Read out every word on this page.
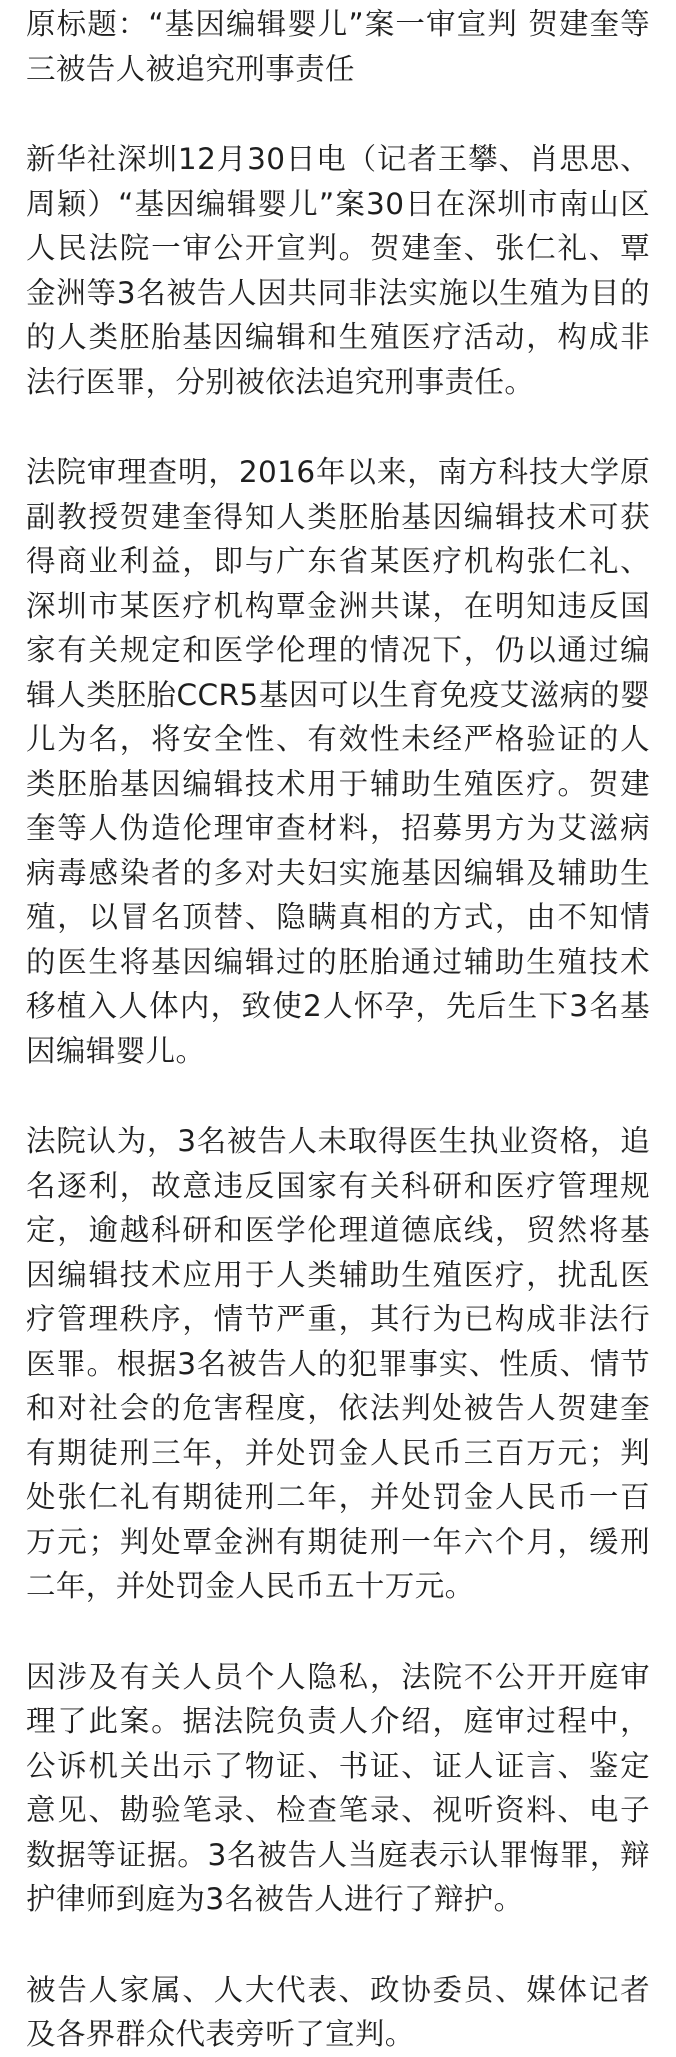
原标题：“基因编辑婴儿”案一审宣判 贺建奎等三被告人被追究刑事责任

新华社深圳12月30日电（记者王攀、肖思思、周颖）“基因编辑婴儿”案30日在深圳市南山区人民法院一审公开宣判。贺建奎、张仁礼、覃金洲等3名被告人因共同非法实施以生殖为目的的人类胚胎基因编辑和生殖医疗活动，构成非法行医罪，分别被依法追究刑事责任。

法院审理查明，2016年以来，南方科技大学原副教授贺建奎得知人类胚胎基因编辑技术可获得商业利益，即与广东省某医疗机构张仁礼、深圳市某医疗机构覃金洲共谋，在明知违反国家有关规定和医学伦理的情况下，仍以通过编辑人类胚胎CCR5基因可以生育免疫艾滋病的婴儿为名，将安全性、有效性未经严格验证的人类胚胎基因编辑技术用于辅助生殖医疗。贺建奎等人伪造伦理审查材料，招募男方为艾滋病病毒感染者的多对夫妇实施基因编辑及辅助生殖，以冒名顶替、隐瞒真相的方式，由不知情的医生将基因编辑过的胚胎通过辅助生殖技术移植入人体内，致使2人怀孕，先后生下3名基因编辑婴儿。

法院认为，3名被告人未取得医生执业资格，追名逐利，故意违反国家有关科研和医疗管理规定，逾越科研和医学伦理道德底线，贸然将基因编辑技术应用于人类辅助生殖医疗，扰乱医疗管理秩序，情节严重，其行为已构成非法行医罪。根据3名被告人的犯罪事实、性质、情节和对社会的危害程度，依法判处被告人贺建奎有期徒刑三年，并处罚金人民币三百万元；判处张仁礼有期徒刑二年，并处罚金人民币一百万元；判处覃金洲有期徒刑一年六个月，缓刑二年，并处罚金人民币五十万元。

因涉及有关人员个人隐私，法院不公开开庭审理了此案。据法院负责人介绍，庭审过程中，公诉机关出示了物证、书证、证人证言、鉴定意见、勘验笔录、检查笔录、视听资料、电子数据等证据。3名被告人当庭表示认罪悔罪，辩护律师到庭为3名被告人进行了辩护。

被告人家属、人大代表、政协委员、媒体记者及各界群众代表旁听了宣判。
